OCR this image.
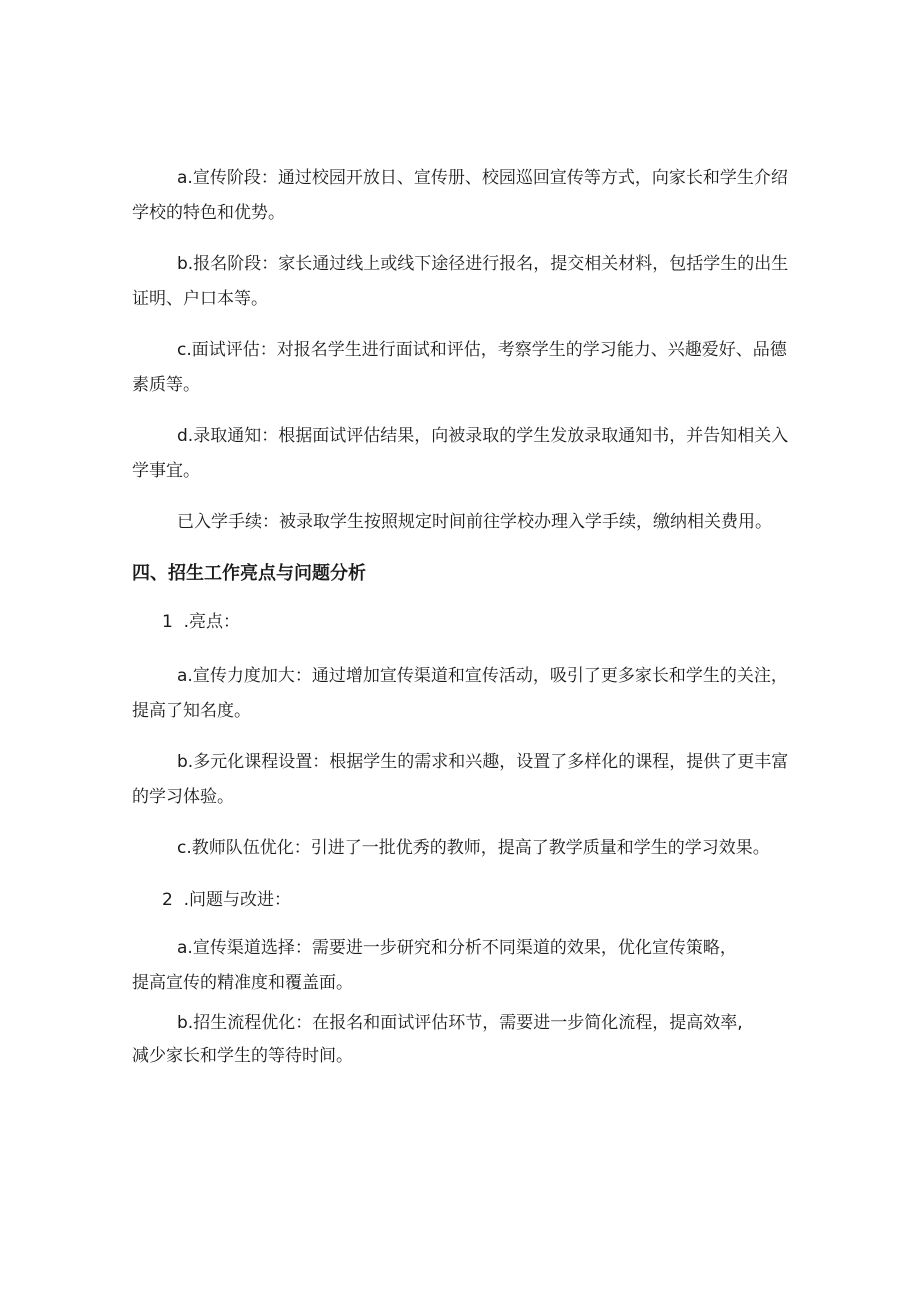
a.宣传阶段：通过校园开放日、宣传册、校园巡回宣传等方式，向家长和学生介绍

学校的特色和优势。

b.报名阶段：家长通过线上或线下途径进行报名，提交相关材料，包括学生的出生

证明、户口本等。

c.面试评估：对报名学生进行面试和评估，考察学生的学习能力、兴趣爱好、品德

素质等。

d.录取通知：根据面试评估结果，向被录取的学生发放录取通知书，并告知相关入

学事宜。

已入学手续：被录取学生按照规定时间前往学校办理入学手续，缴纳相关费用。

四、招生工作亮点与问题分析

1  .亮点：

a.宣传力度加大：通过增加宣传渠道和宣传活动，吸引了更多家长和学生的关注，

提高了知名度。

b.多元化课程设置：根据学生的需求和兴趣，设置了多样化的课程，提供了更丰富

的学习体验。

c.教师队伍优化：引进了一批优秀的教师，提高了教学质量和学生的学习效果。

2  .问题与改进：

a.宣传渠道选择：需要进一步研究和分析不同渠道的效果，优化宣传策略，

提高宣传的精准度和覆盖面。

b.招生流程优化：在报名和面试评估环节，需要进一步简化流程，提高效率,

减少家长和学生的等待时间。
